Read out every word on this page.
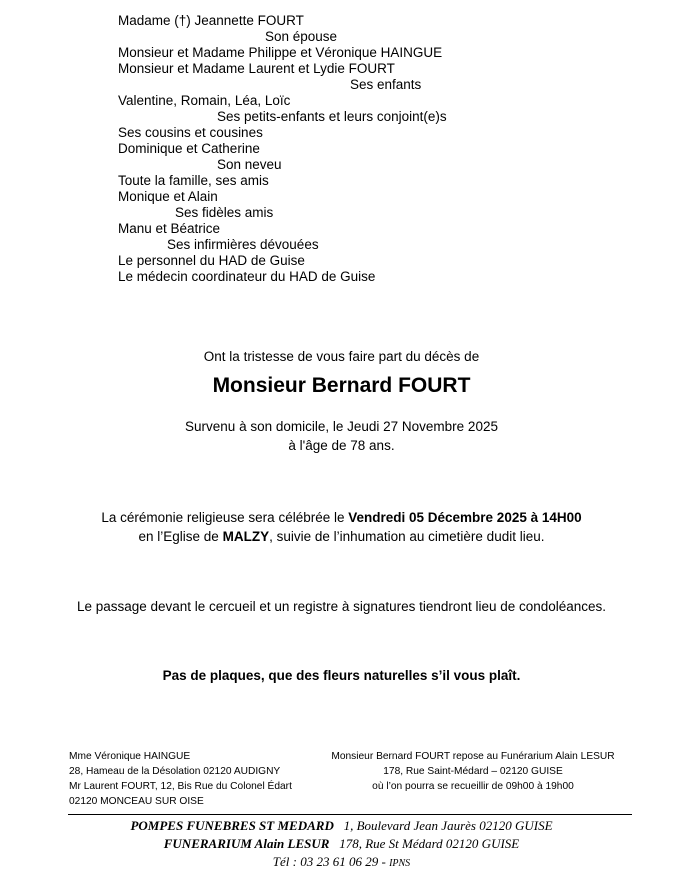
Madame (†) Jeannette FOURT
Son épouse
Monsieur et Madame Philippe et Véronique HAINGUE
Monsieur et Madame Laurent et Lydie FOURT
Ses enfants
Valentine, Romain, Léa, Loïc
Ses petits-enfants et leurs conjoint(e)s
Ses cousins et cousines
Dominique et Catherine
Son neveu
Toute la famille, ses amis
Monique et Alain
Ses fidèles amis
Manu et Béatrice
Ses infirmières dévouées
Le personnel du HAD de Guise
Le médecin coordinateur du HAD de Guise
Ont la tristesse de vous faire part du décès de
Monsieur Bernard FOURT
Survenu à son domicile, le Jeudi 27 Novembre 2025
à l'âge de 78 ans.
La cérémonie religieuse sera célébrée le Vendredi 05 Décembre 2025 à 14H00
en l’Eglise de MALZY, suivie de l’inhumation au cimetière dudit lieu.
Le passage devant le cercueil et un registre à signatures tiendront lieu de condoléances.
Pas de plaques, que des fleurs naturelles s’il vous plaît.
Mme Véronique HAINGUE
28, Hameau de la Désolation 02120 AUDIGNY
Mr Laurent FOURT, 12, Bis Rue du Colonel Édart
02120 MONCEAU SUR OISE
Monsieur Bernard FOURT repose au Funérarium Alain LESUR
178, Rue Saint-Médard – 02120 GUISE
où l’on pourra se recueillir de 09h00 à 19h00
POMPES FUNEBRES ST MEDARD 1, Boulevard Jean Jaurès 02120 GUISE
FUNERARIUM Alain LESUR 178, Rue St Médard 02120 GUISE
Tél : 03 23 61 06 29 - IPNS
